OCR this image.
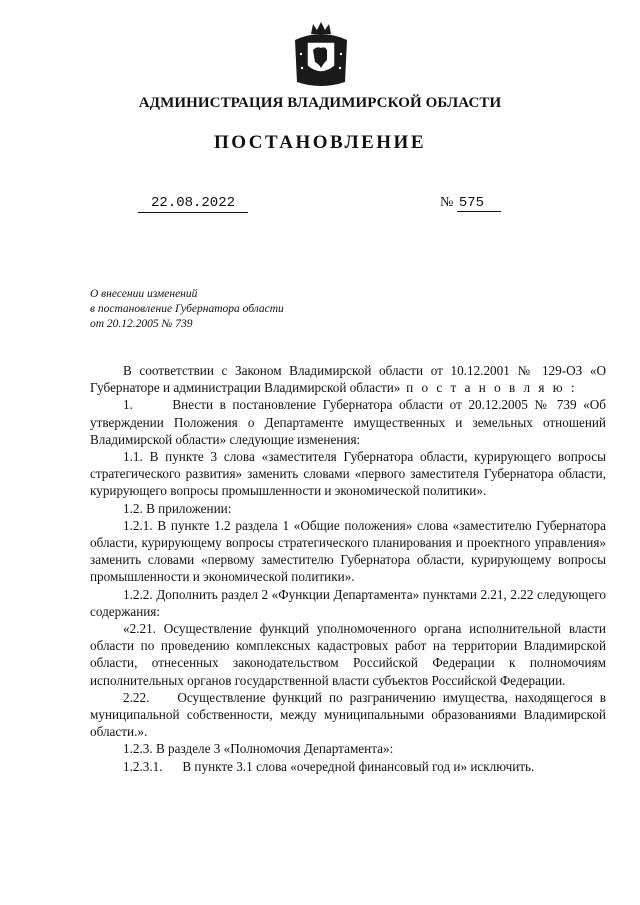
АДМИНИСТРАЦИЯ ВЛАДИМИРСКОЙ ОБЛАСТИ
ПОСТАНОВЛЕНИЕ
22.08.2022	№ 575
О внесении изменений
в постановление Губернатора области
от 20.12.2005 № 739

В соответствии с Законом Владимирской области от 10.12.2001 № 129-ОЗ «О Губернаторе и администрации Владимирской области» п о с т а н о в л я ю :

1.      Внести в постановление Губернатора области от 20.12.2005 № 739 «Об утверждении Положения о Департаменте имущественных и земельных отношений Владимирской области» следующие изменения:

1.1. В пункте 3 слова «заместителя Губернатора области, курирующего вопросы стратегического развития» заменить словами «первого заместителя Губернатора области, курирующего вопросы промышленности и экономической политики».

1.2. В приложении:

1.2.1. В пункте 1.2 раздела 1 «Общие положения» слова «заместителю Губернатора области, курирующему вопросы стратегического планирования и проектного управления» заменить словами «первому заместителю Губернатора области, курирующему вопросы промышленности и экономической политики».

1.2.2. Дополнить раздел 2 «Функции Департамента» пунктами 2.21, 2.22 следующего содержания:

«2.21. Осуществление функций уполномоченного органа исполнительной власти области по проведению комплексных кадастровых работ на территории Владимирской области, отнесенных законодательством Российской Федерации к полномочиям исполнительных органов государственной власти субъектов Российской Федерации.

2.22.    Осуществление функций по разграничению имущества, находящегося в муниципальной собственности, между муниципальными образованиями Владимирской области.».

1.2.3. В разделе 3 «Полномочия Департамента»:

1.2.3.1.      В пункте 3.1 слова «очередной финансовый год и» исключить.
